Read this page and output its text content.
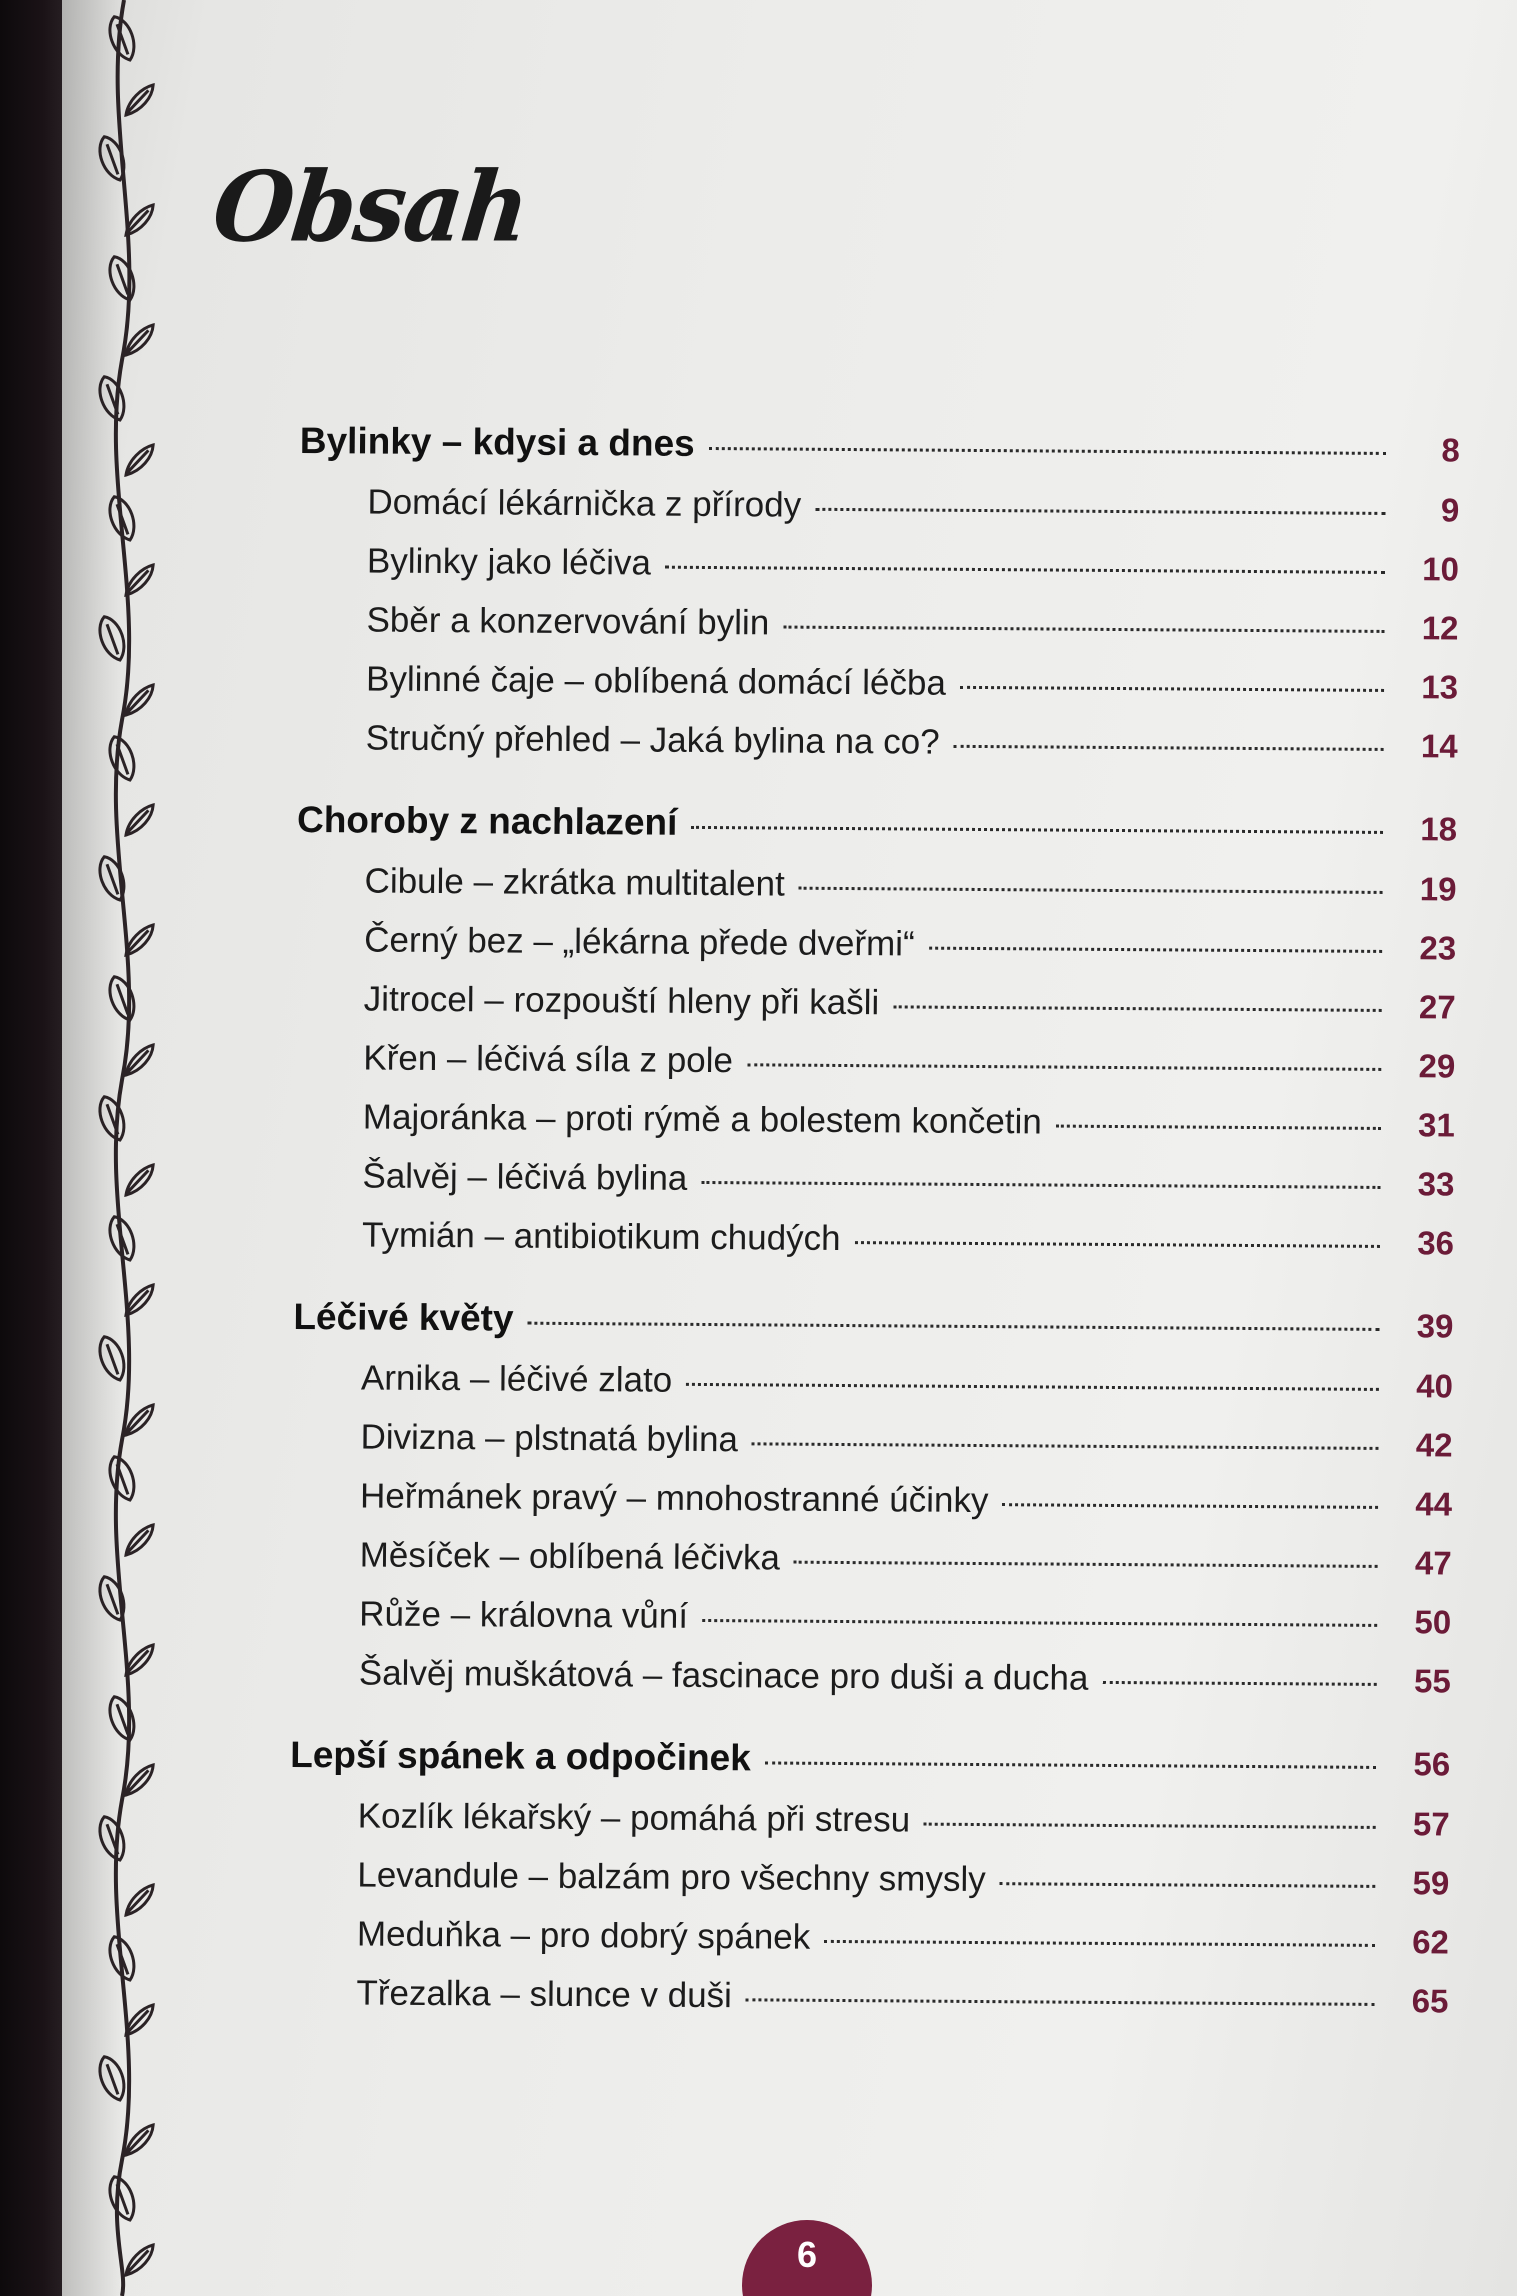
Obsah
Bylinky – kdysi a dnes	8
Domácí lékárnička z přírody	9
Bylinky jako léčiva	10
Sběr a konzervování bylin	12
Bylinné čaje – oblíbená domácí léčba	13
Stručný přehled – Jaká bylina na co?	14
Choroby z nachlazení	18
Cibule – zkrátka multitalent	19
Černý bez – „lékárna přede dveřmi“	23
Jitrocel – rozpouští hleny při kašli	27
Křen – léčivá síla z pole	29
Majoránka – proti rýmě a bolestem končetin	31
Šalvěj – léčivá bylina	33
Tymián – antibiotikum chudých	36
Léčivé květy	39
Arnika – léčivé zlato	40
Divizna – plstnatá bylina	42
Heřmánek pravý – mnohostranné účinky	44
Měsíček – oblíbená léčivka	47
Růže – královna vůní	50
Šalvěj muškátová – fascinace pro duši a ducha	55
Lepší spánek a odpočinek	56
Kozlík lékařský – pomáhá při stresu	57
Levandule – balzám pro všechny smysly	59
Meduňka – pro dobrý spánek	62
Třezalka – slunce v duši	65
6
